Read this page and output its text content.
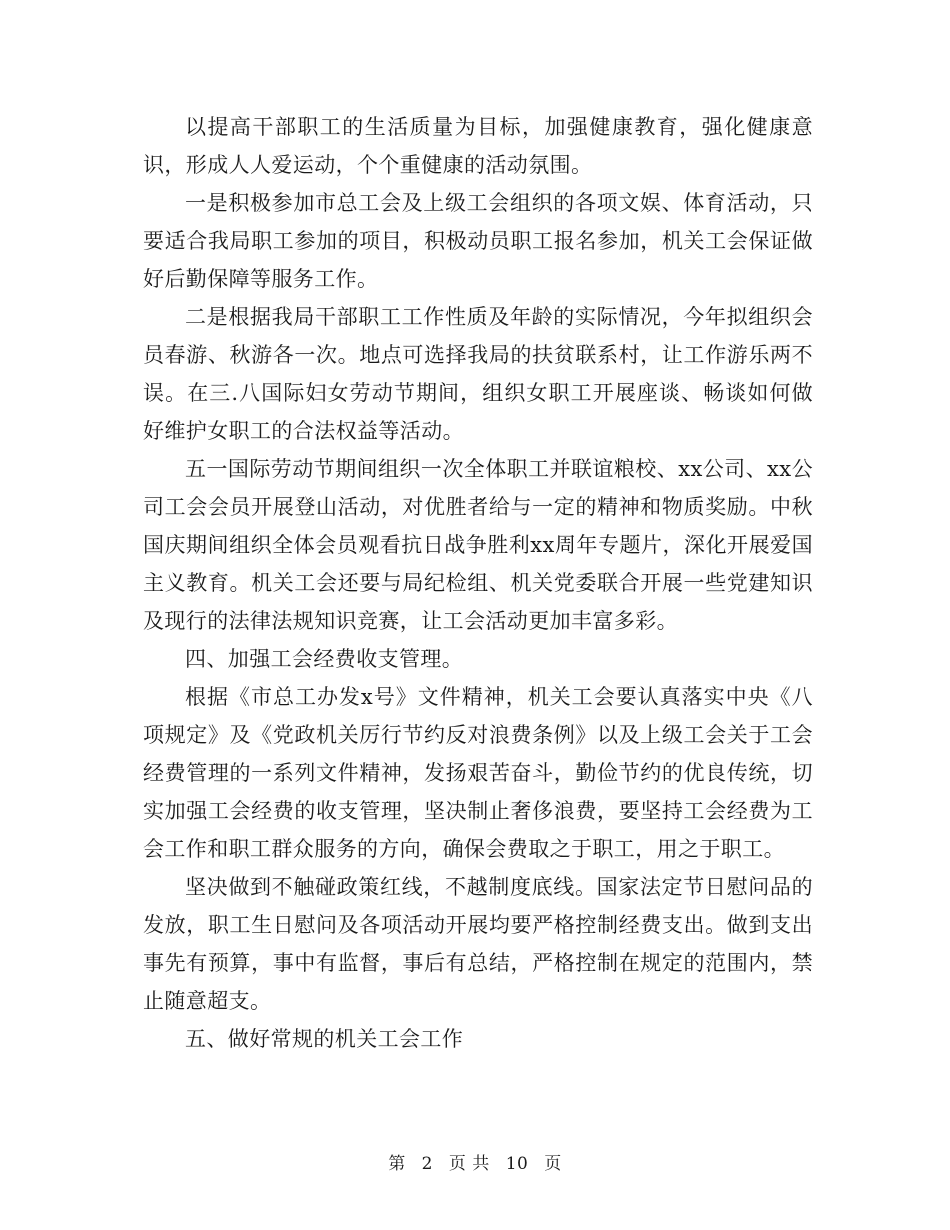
以提高干部职工的生活质量为目标，加强健康教育，强化健康意识，形成人人爱运动，个个重健康的活动氛围。

一是积极参加市总工会及上级工会组织的各项文娱、体育活动，只要适合我局职工参加的项目，积极动员职工报名参加，机关工会保证做好后勤保障等服务工作。

二是根据我局干部职工工作性质及年龄的实际情况，今年拟组织会员春游、秋游各一次。地点可选择我局的扶贫联系村，让工作游乐两不误。在三.八国际妇女劳动节期间，组织女职工开展座谈、畅谈如何做好维护女职工的合法权益等活动。

五一国际劳动节期间组织一次全体职工并联谊粮校、xx公司、xx公司工会会员开展登山活动，对优胜者给与一定的精神和物质奖励。中秋国庆期间组织全体会员观看抗日战争胜利xx周年专题片，深化开展爱国主义教育。机关工会还要与局纪检组、机关党委联合开展一些党建知识及现行的法律法规知识竞赛，让工会活动更加丰富多彩。

四、加强工会经费收支管理。

根据《市总工办发x号》文件精神，机关工会要认真落实中央《八项规定》及《党政机关厉行节约反对浪费条例》以及上级工会关于工会经费管理的一系列文件精神，发扬艰苦奋斗，勤俭节约的优良传统，切实加强工会经费的收支管理，坚决制止奢侈浪费，要坚持工会经费为工会工作和职工群众服务的方向，确保会费取之于职工，用之于职工。

坚决做到不触碰政策红线，不越制度底线。国家法定节日慰问品的发放，职工生日慰问及各项活动开展均要严格控制经费支出。做到支出事先有预算，事中有监督，事后有总结，严格控制在规定的范围内，禁止随意超支。

五、做好常规的机关工会工作

第 2 页 共 10 页
